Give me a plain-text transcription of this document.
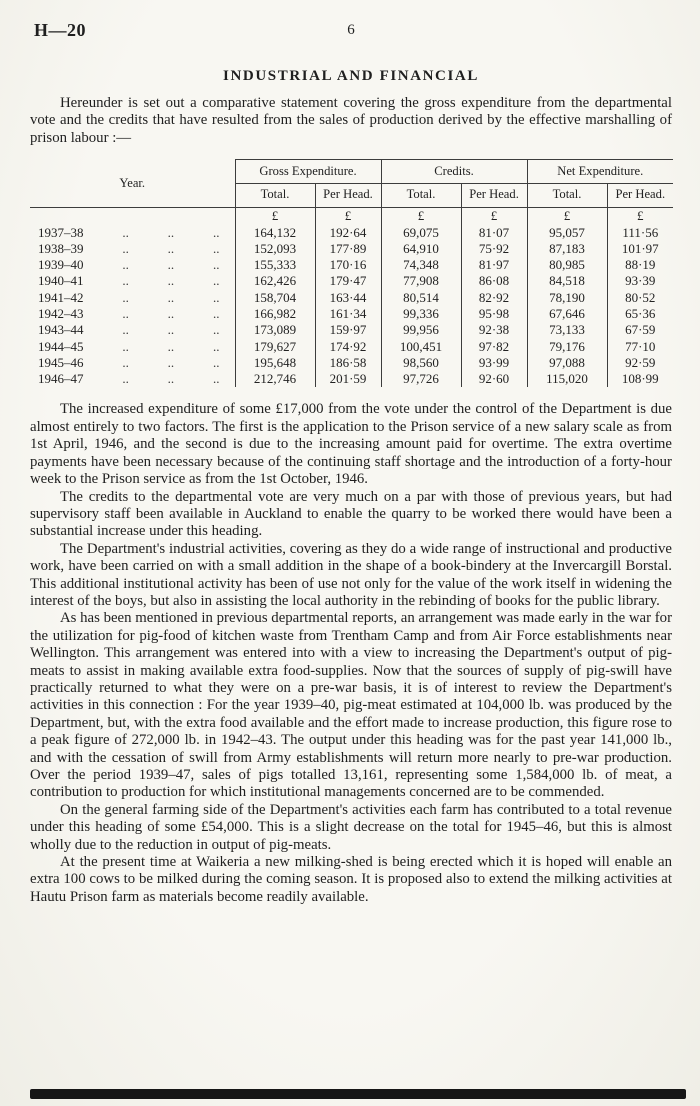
H—20	6
INDUSTRIAL AND FINANCIAL

Hereunder is set out a comparative statement covering the gross expenditure from the departmental vote and the credits that have resulted from the sales of production derived by the effective marshalling of prison labour :—

Year.	Gross Expenditure.		Credits.		Net Expenditure.	
	Total.	Per Head.	Total.	Per Head.	Total.	Per Head.
	£	£	£	£	£	£

1937–38 .. .. ..	164,132	192·64	69,075	81·07	95,057	111·56

1938–39 .. .. ..	152,093	177·89	64,910	75·92	87,183	101·97

1939–40 .. .. ..	155,333	170·16	74,348	81·97	80,985	88·19

1940–41 .. .. ..	162,426	179·47	77,908	86·08	84,518	93·39

1941–42 .. .. ..	158,704	163·44	80,514	82·92	78,190	80·52

1942–43 .. .. ..	166,982	161·34	99,336	95·98	67,646	65·36

1943–44 .. .. ..	173,089	159·97	99,956	92·38	73,133	67·59

1944–45 .. .. ..	179,627	174·92	100,451	97·82	79,176	77·10

1945–46 .. .. ..	195,648	186·58	98,560	93·99	97,088	92·59

1946–47 .. .. ..	212,746	201·59	97,726	92·60	115,020	108·99

The increased expenditure of some £17,000 from the vote under the control of the Department is due almost entirely to two factors. The first is the application to the Prison service of a new salary scale as from 1st April, 1946, and the second is due to the increasing amount paid for overtime. The extra overtime payments have been necessary because of the continuing staff shortage and the introduction of a forty-hour week to the Prison service as from the 1st October, 1946.

The credits to the departmental vote are very much on a par with those of previous years, but had supervisory staff been available in Auckland to enable the quarry to be worked there would have been a substantial increase under this heading.

The Department's industrial activities, covering as they do a wide range of instructional and productive work, have been carried on with a small addition in the shape of a book-bindery at the Invercargill Borstal. This additional institutional activity has been of use not only for the value of the work itself in widening the interest of the boys, but also in assisting the local authority in the rebinding of books for the public library.

As has been mentioned in previous departmental reports, an arrangement was made early in the war for the utilization for pig-food of kitchen waste from Trentham Camp and from Air Force establishments near Wellington. This arrangement was entered into with a view to increasing the Department's output of pig-meats to assist in making available extra food-supplies. Now that the sources of supply of pig-swill have practically returned to what they were on a pre-war basis, it is of interest to review the Department's activities in this connection : For the year 1939–40, pig-meat estimated at 104,000 lb. was produced by the Department, but, with the extra food available and the effort made to increase production, this figure rose to a peak figure of 272,000 lb. in 1942–43. The output under this heading was for the past year 141,000 lb., and with the cessation of swill from Army establishments will return more nearly to pre-war production. Over the period 1939–47, sales of pigs totalled 13,161, representing some 1,584,000 lb. of meat, a contribution to production for which institutional managements concerned are to be commended.

On the general farming side of the Department's activities each farm has contributed to a total revenue under this heading of some £54,000. This is a slight decrease on the total for 1945–46, but this is almost wholly due to the reduction in output of pig-meats.

At the present time at Waikeria a new milking-shed is being erected which it is hoped will enable an extra 100 cows to be milked during the coming season. It is proposed also to extend the milking activities at Hautu Prison farm as materials become readily available.
